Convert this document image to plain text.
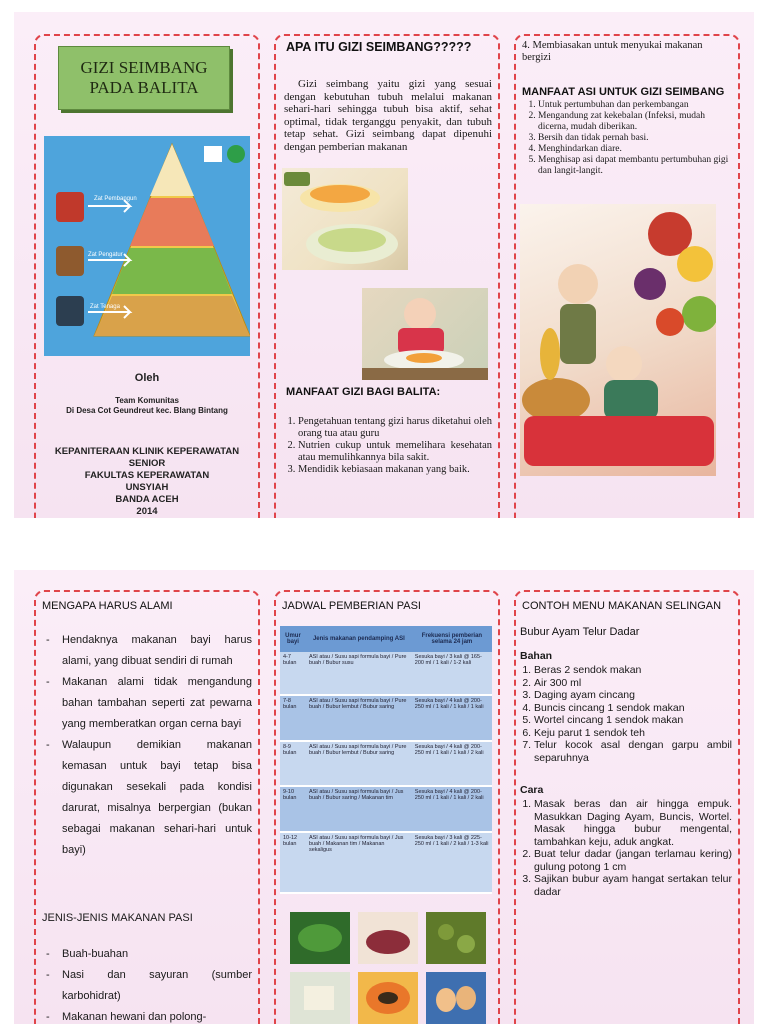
GIZI SEIMBANG PADA BALITA
Zat Pembangun
Zat Pengatur
Zat Tenaga
Oleh
Team Komunitas
Di Desa Cot Geundreut kec. Blang Bintang
KEPANITERAAN KLINIK KEPERAWATAN SENIOR
FAKULTAS KEPERAWATAN
UNSYIAH
BANDA ACEH
2014
APA ITU GIZI SEIMBANG?????
Gizi seimbang yaitu gizi yang sesuai dengan kebutuhan tubuh melalui makanan sehari-hari sehingga tubuh bisa aktif, sehat optimal, tidak terganggu penyakit, dan tubuh tetap sehat. Gizi seimbang dapat dipenuhi dengan pemberian makanan
MANFAAT GIZI BAGI BALITA:
1. Pengetahuan tentang gizi harus diketahui oleh orang tua atau guru
2. Nutrien cukup untuk memelihara kesehatan atau memulihkannya bila sakit.
3. Mendidik kebiasaan makanan yang baik.
4. Membiasakan untuk menyukai makanan bergizi
MANFAAT ASI UNTUK GIZI SEIMBANG
1. Untuk pertumbuhan dan perkembangan
2. Mengandung zat kekebalan (Infeksi, mudah dicerna, mudah diberikan.
3. Bersih dan tidak pernah basi.
4. Menghindarkan diare.
5. Menghisap asi dapat membantu pertumbuhan gigi dan langit-langit.
MENGAPA HARUS ALAMI
- Hendaknya makanan bayi harus alami, yang dibuat sendiri di rumah
- Makanan alami tidak mengandung bahan tambahan seperti zat pewarna yang memberatkan organ cerna bayi
- Walaupun demikian makanan kemasan untuk bayi tetap bisa digunakan sesekali pada kondisi darurat, misalnya berpergian (bukan sebagai makanan sehari-hari untuk bayi)
JENIS-JENIS MAKANAN PASI
- Buah-buahan
- Nasi dan sayuran (sumber karbohidrat)
- Makanan hewani dan polong-
JADWAL PEMBERIAN PASI
Umur bayi	Jenis makanan pendamping ASI	Frekuensi pemberian selama 24 jam
4-7 bulan	ASI atau / Susu sapi formula bayi / Pure buah / Bubur susu	Sesuka bayi / 3 kali @ 165-200 ml / 1 kali / 1-2 kali
7-8 bulan	ASI atau / Susu sapi formula bayi / Pure buah / Bubur lembut / Bubur saring	Sesuka bayi / 4 kali @ 200-250 ml / 1 kali / 1 kali / 1 kali
8-9 bulan	ASI atau / Susu sapi formula bayi / Pure buah / Bubur lembut / Bubur saring	Sesuka bayi / 4 kali @ 200-250 ml / 1 kali / 1 kali / 2 kali
9-10 bulan	ASI atau / Susu sapi formula bayi / Jus buah / Bubur saring / Makanan tim	Sesuka bayi / 4 kali @ 200-250 ml / 1 kali / 1 kali / 2 kali
10-12 bulan	ASI atau / Susu sapi formula bayi / Jus buah / Makanan tim / Makanan sekaligus	Sesuka bayi / 3 kali @ 225-250 ml / 1 kali / 2 kali / 1-3 kali
CONTOH MENU MAKANAN SELINGAN
Bubur Ayam Telur Dadar
Bahan
1. Beras 2 sendok makan
2. Air 300 ml
3. Daging ayam cincang
4. Buncis cincang 1 sendok makan
5. Wortel cincang 1 sendok makan
6. Keju parut 1 sendok teh
7. Telur kocok asal dengan garpu ambil separuhnya
Cara
1. Masak beras dan air hingga empuk. Masukkan Daging Ayam, Buncis, Wortel. Masak hingga bubur mengental, tambahkan keju, aduk angkat.
2. Buat telur dadar (jangan terlamau kering) gulung potong 1 cm
3. Sajikan bubur ayam hangat sertakan telur dadar
